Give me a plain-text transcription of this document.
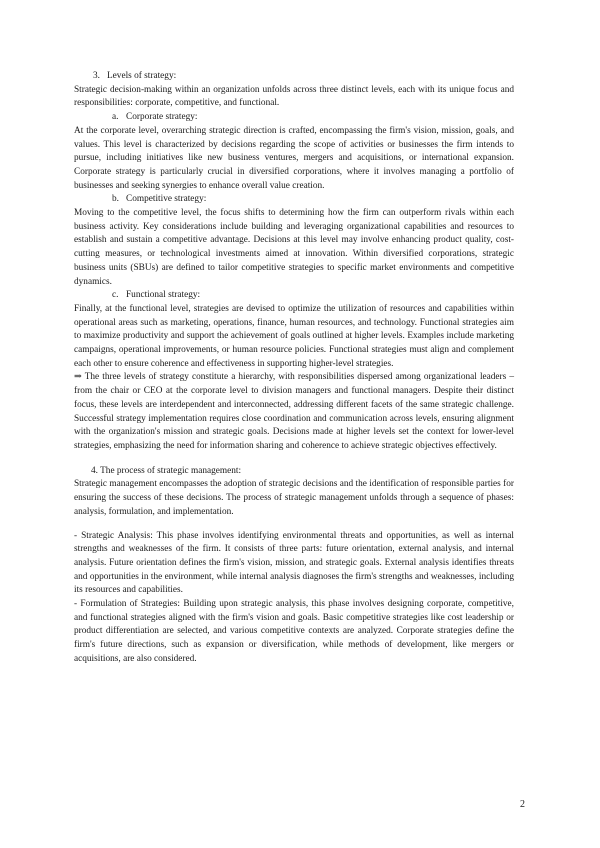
3. Levels of strategy:

Strategic decision-making within an organization unfolds across three distinct levels, each with its unique focus and responsibilities: corporate, competitive, and functional.

a. Corporate strategy:

At the corporate level, overarching strategic direction is crafted, encompassing the firm's vision, mission, goals, and values. This level is characterized by decisions regarding the scope of activities or businesses the firm intends to pursue, including initiatives like new business ventures, mergers and acquisitions, or international expansion. Corporate strategy is particularly crucial in diversified corporations, where it involves managing a portfolio of businesses and seeking synergies to enhance overall value creation.

b. Competitive strategy:

Moving to the competitive level, the focus shifts to determining how the firm can outperform rivals within each business activity. Key considerations include building and leveraging organizational capabilities and resources to establish and sustain a competitive advantage. Decisions at this level may involve enhancing product quality, cost-cutting measures, or technological investments aimed at innovation. Within diversified corporations, strategic business units (SBUs) are defined to tailor competitive strategies to specific market environments and competitive dynamics.

c. Functional strategy:

Finally, at the functional level, strategies are devised to optimize the utilization of resources and capabilities within operational areas such as marketing, operations, finance, human resources, and technology. Functional strategies aim to maximize productivity and support the achievement of goals outlined at higher levels. Examples include marketing campaigns, operational improvements, or human resource policies. Functional strategies must align and complement each other to ensure coherence and effectiveness in supporting higher-level strategies.

⇒ The three levels of strategy constitute a hierarchy, with responsibilities dispersed among organizational leaders – from the chair or CEO at the corporate level to division managers and functional managers. Despite their distinct focus, these levels are interdependent and interconnected, addressing different facets of the same strategic challenge. Successful strategy implementation requires close coordination and communication across levels, ensuring alignment with the organization's mission and strategic goals. Decisions made at higher levels set the context for lower-level strategies, emphasizing the need for information sharing and coherence to achieve strategic objectives effectively.

4. The process of strategic management:

Strategic management encompasses the adoption of strategic decisions and the identification of responsible parties for ensuring the success of these decisions. The process of strategic management unfolds through a sequence of phases: analysis, formulation, and implementation.

- Strategic Analysis: This phase involves identifying environmental threats and opportunities, as well as internal strengths and weaknesses of the firm. It consists of three parts: future orientation, external analysis, and internal analysis. Future orientation defines the firm's vision, mission, and strategic goals. External analysis identifies threats and opportunities in the environment, while internal analysis diagnoses the firm's strengths and weaknesses, including its resources and capabilities.

- Formulation of Strategies: Building upon strategic analysis, this phase involves designing corporate, competitive, and functional strategies aligned with the firm's vision and goals. Basic competitive strategies like cost leadership or product differentiation are selected, and various competitive contexts are analyzed. Corporate strategies define the firm's future directions, such as expansion or diversification, while methods of development, like mergers or acquisitions, are also considered.

2
